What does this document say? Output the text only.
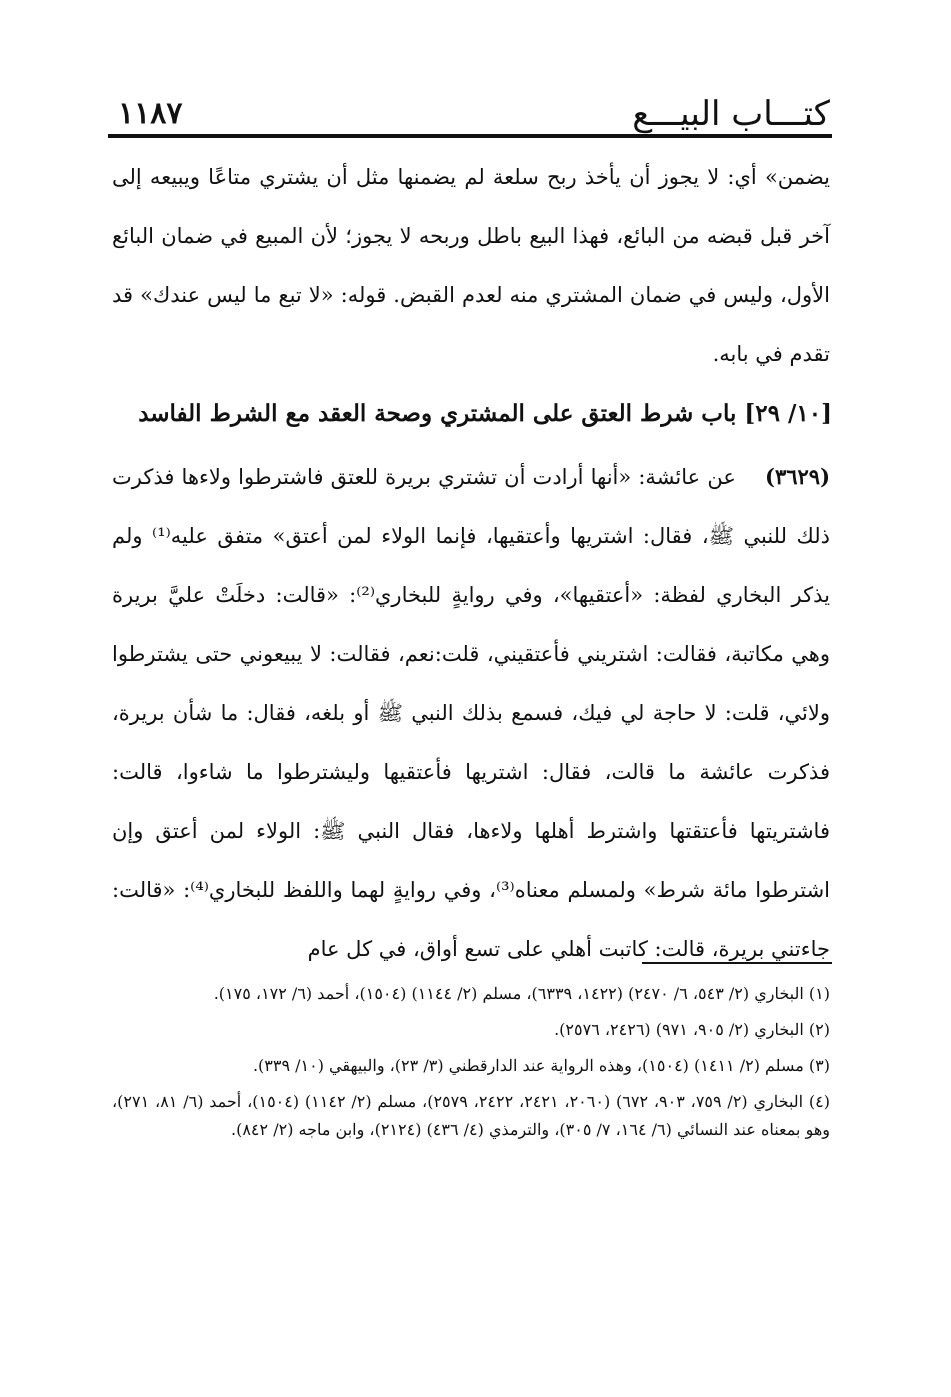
كتـــاب البيـــع
١١٨٧
يضمن» أي: لا يجوز أن يأخذ ربح سلعة لم يضمنها مثل أن يشتري متاعًا ويبيعه إلى آخر قبل قبضه من البائع، فهذا البيع باطل وربحه لا يجوز؛ لأن المبيع في ضمان البائع الأول، وليس في ضمان المشتري منه لعدم القبض. قوله: «لا تبع ما ليس عندك» قد تقدم في بابه.
[١٠/ ٢٩] باب شرط العتق على المشتري وصحة العقد مع الشرط الفاسد
(٣٦٢٩) عن عائشة: «أنها أرادت أن تشتري بريرة للعتق فاشترطوا ولاءها فذكرت ذلك للنبي ﷺ، فقال: اشتريها وأعتقيها، فإنما الولاء لمن أعتق» متفق عليه⁽¹⁾ ولم يذكر البخاري لفظة: «أعتقيها»، وفي روايةٍ للبخاري⁽²⁾: «قالت: دخلَتْ عليَّ بريرة وهي مكاتبة، فقالت: اشتريني فأعتقيني، قلت:نعم، فقالت: لا يبيعوني حتى يشترطوا ولائي، قلت: لا حاجة لي فيك، فسمع بذلك النبي ﷺ أو بلغه، فقال: ما شأن بريرة، فذكرت عائشة ما قالت، فقال: اشتريها فأعتقيها وليشترطوا ما شاءوا، قالت: فاشتريتها فأعتقتها واشترط أهلها ولاءها، فقال النبي ﷺ: الولاء لمن أعتق وإن اشترطوا مائة شرط» ولمسلم معناه⁽³⁾، وفي روايةٍ لهما واللفظ للبخاري⁽⁴⁾: «قالت: جاءتني بريرة، قالت: كاتبت أهلي على تسع أواق، في كل عام
(١) البخاري (٢/ ٥٤٣، ٦/ ٢٤٧٠) (١٤٢٢، ٦٣٣٩)، مسلم (٢/ ١١٤٤) (١٥٠٤)، أحمد (٦/ ١٧٢، ١٧٥).
(٢) البخاري (٢/ ٩٠٥، ٩٧١) (٢٤٢٦، ٢٥٧٦).
(٣) مسلم (٢/ ١٤١١) (١٥٠٤)، وهذه الرواية عند الدارقطني (٣/ ٢٣)، والبيهقي (١٠/ ٣٣٩).
(٤) البخاري (٢/ ٧٥٩، ٩٠٣، ٦٧٢) (٢٠٦٠، ٢٤٢١، ٢٤٢٢، ٢٥٧٩)، مسلم (٢/ ١١٤٢) (١٥٠٤)، أحمد (٦/ ٨١، ٢٧١)، وهو بمعناه عند النسائي (٦/ ١٦٤، ٧/ ٣٠٥)، والترمذي (٤/ ٤٣٦) (٢١٢٤)، وابن ماجه (٢/ ٨٤٢).
